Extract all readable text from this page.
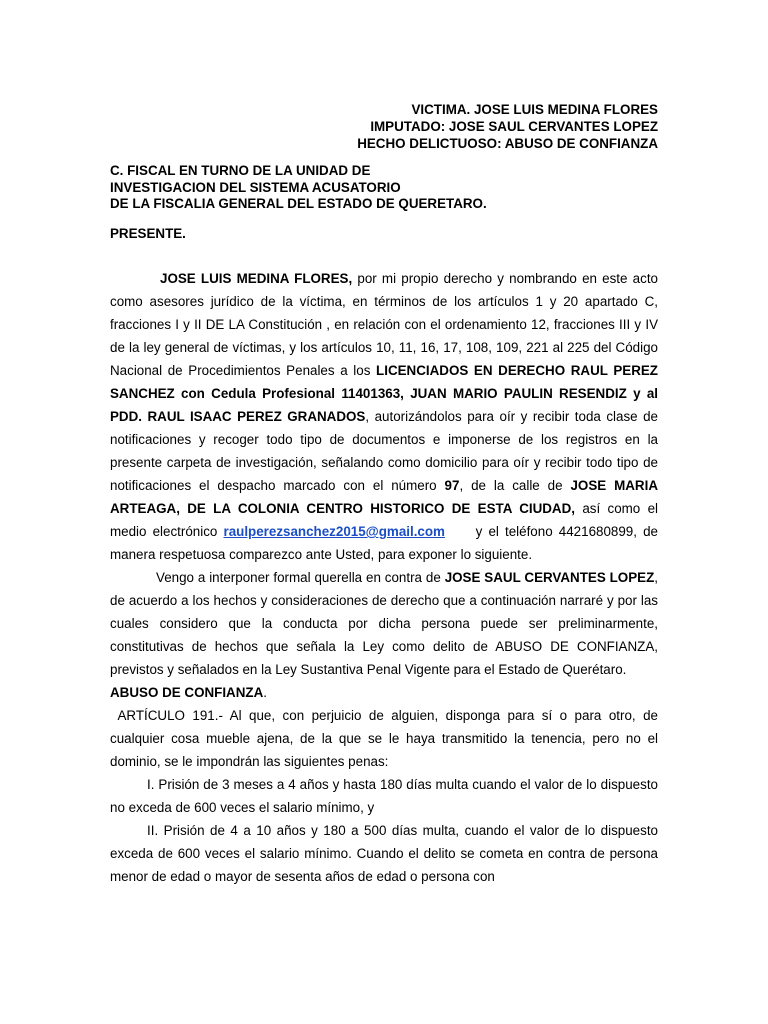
VICTIMA. JOSE LUIS MEDINA FLORES
IMPUTADO: JOSE SAUL CERVANTES LOPEZ
HECHO DELICTUOSO: ABUSO DE CONFIANZA
C. FISCAL EN TURNO DE LA UNIDAD DE
INVESTIGACION DEL SISTEMA ACUSATORIO
DE LA FISCALIA GENERAL DEL ESTADO DE QUERETARO.
PRESENTE.

JOSE LUIS MEDINA FLORES, por mi propio derecho y nombrando en este acto como asesores jurídico de la víctima, en términos de los artículos 1 y 20 apartado C, fracciones I y II DE LA Constitución , en relación con el ordenamiento 12, fracciones III y IV de la ley general de víctimas, y los artículos 10, 11, 16, 17, 108, 109, 221 al 225 del Código Nacional de Procedimientos Penales a los LICENCIADOS EN DERECHO RAUL PEREZ SANCHEZ con Cedula Profesional 11401363, JUAN MARIO PAULIN RESENDIZ y al PDD. RAUL ISAAC PEREZ GRANADOS, autorizándolos para oír y recibir toda clase de notificaciones y recoger todo tipo de documentos e imponerse de los registros en la presente carpeta de investigación, señalando como domicilio para oír y recibir todo tipo de notificaciones el despacho marcado con el número 97, de la calle de JOSE MARIA ARTEAGA, DE LA COLONIA CENTRO HISTORICO DE ESTA CIUDAD, así como el medio electrónico raulperezsanchez2015@gmail.com     y el teléfono 4421680899, de manera respetuosa comparezco ante Usted, para exponer lo siguiente.

Vengo a interponer formal querella en contra de JOSE SAUL CERVANTES LOPEZ, de acuerdo a los hechos y consideraciones de derecho que a continuación narraré y por las cuales considero que la conducta por dicha persona puede ser preliminarmente, constitutivas de hechos que señala la Ley como delito de ABUSO DE CONFIANZA, previstos y señalados en la Ley Sustantiva Penal Vigente para el Estado de Querétaro.

ABUSO DE CONFIANZA.

ARTÍCULO 191.- Al que, con perjuicio de alguien, disponga para sí o para otro, de cualquier cosa mueble ajena, de la que se le haya transmitido la tenencia, pero no el dominio, se le impondrán las siguientes penas:

I. Prisión de 3 meses a 4 años y hasta 180 días multa cuando el valor de lo dispuesto no exceda de 600 veces el salario mínimo, y

II. Prisión de 4 a 10 años y 180 a 500 días multa, cuando el valor de lo dispuesto exceda de 600 veces el salario mínimo. Cuando el delito se cometa en contra de persona menor de edad o mayor de sesenta años de edad o persona con
